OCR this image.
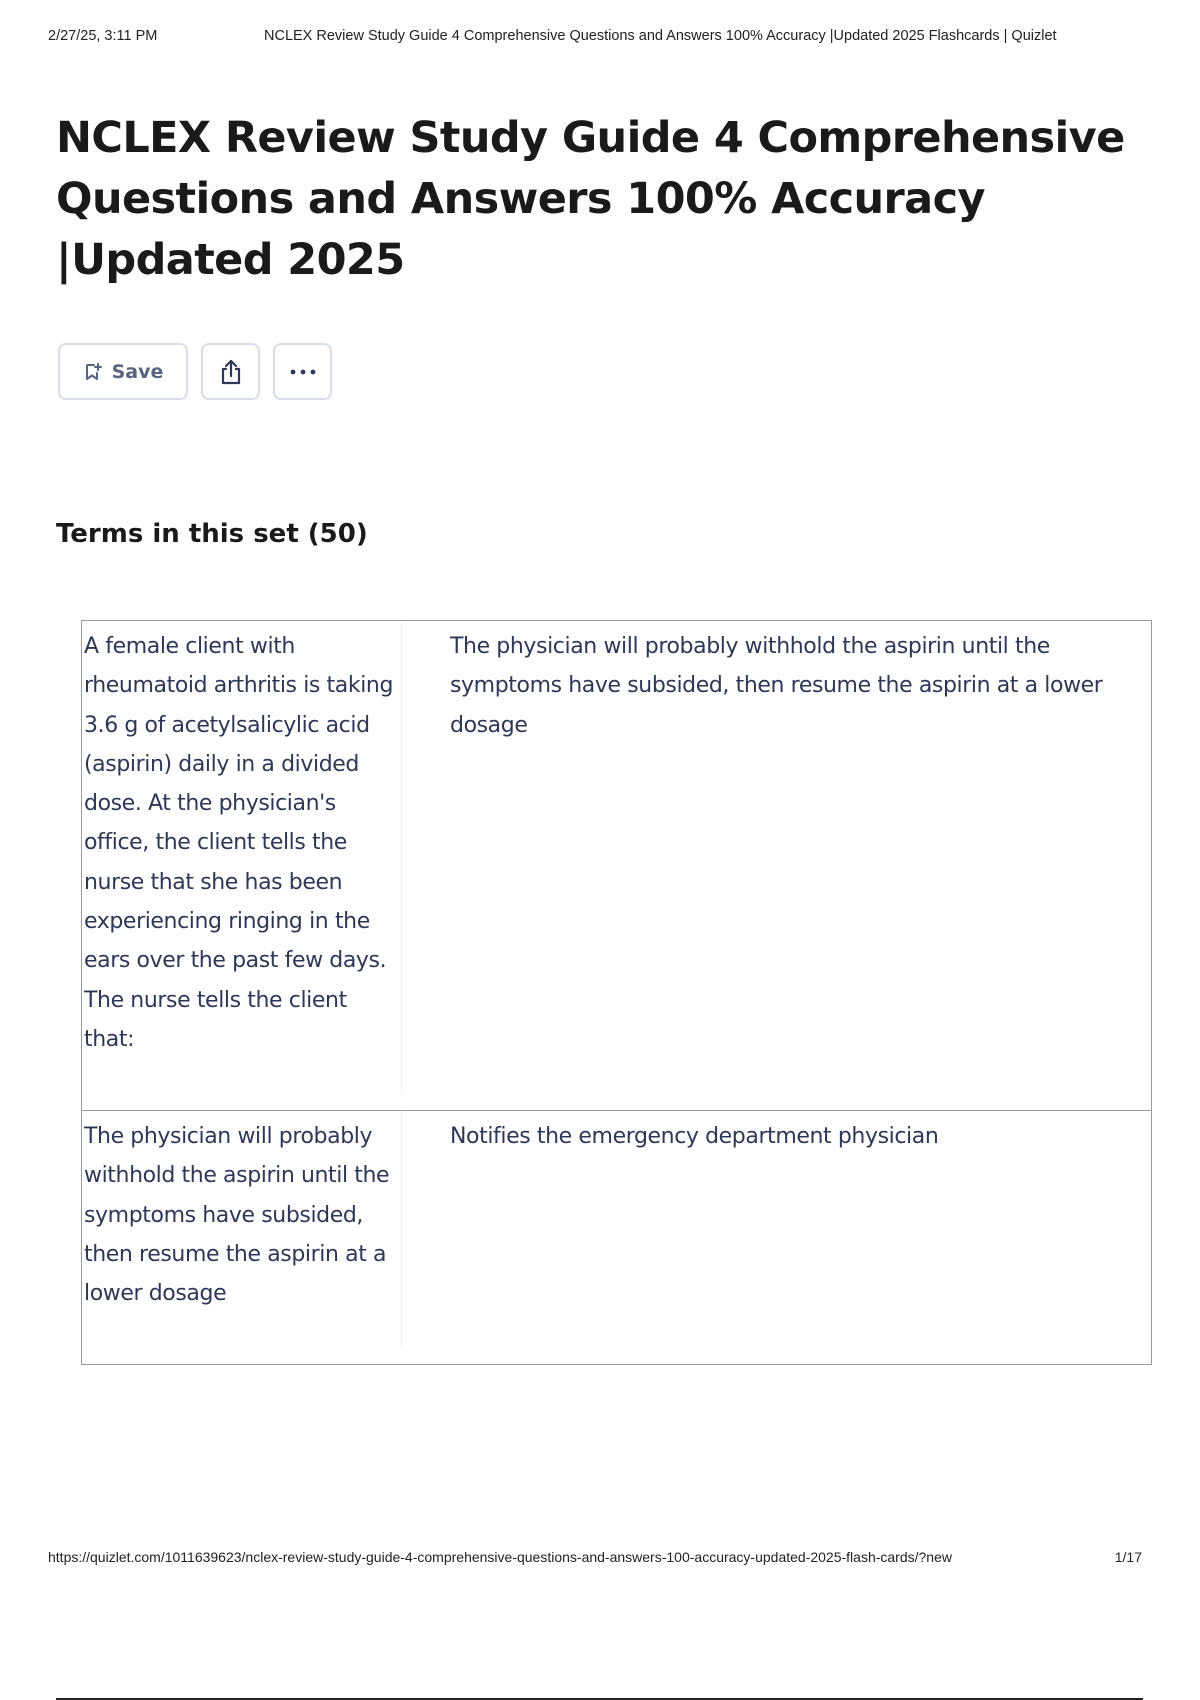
2/27/25, 3:11 PM	NCLEX Review Study Guide 4 Comprehensive Questions and Answers 100% Accuracy |Updated 2025 Flashcards | Quizlet
NCLEX Review Study Guide 4 Comprehensive Questions and Answers 100% Accuracy |Updated 2025
Save
Terms in this set (50)
A female client with rheumatoid arthritis is taking 3.6 g of acetylsalicylic acid (aspirin) daily in a divided dose. At the physician's office, the client tells the nurse that she has been experiencing ringing in the ears over the past few days. The nurse tells the client that:
The physician will probably withhold the aspirin until the symptoms have subsided, then resume the aspirin at a lower dosage
The physician will probably withhold the aspirin until the symptoms have subsided, then resume the aspirin at a lower dosage
Notifies the emergency department physician
https://quizlet.com/1011639623/nclex-review-study-guide-4-comprehensive-questions-and-answers-100-accuracy-updated-2025-flash-cards/?new	1/17
